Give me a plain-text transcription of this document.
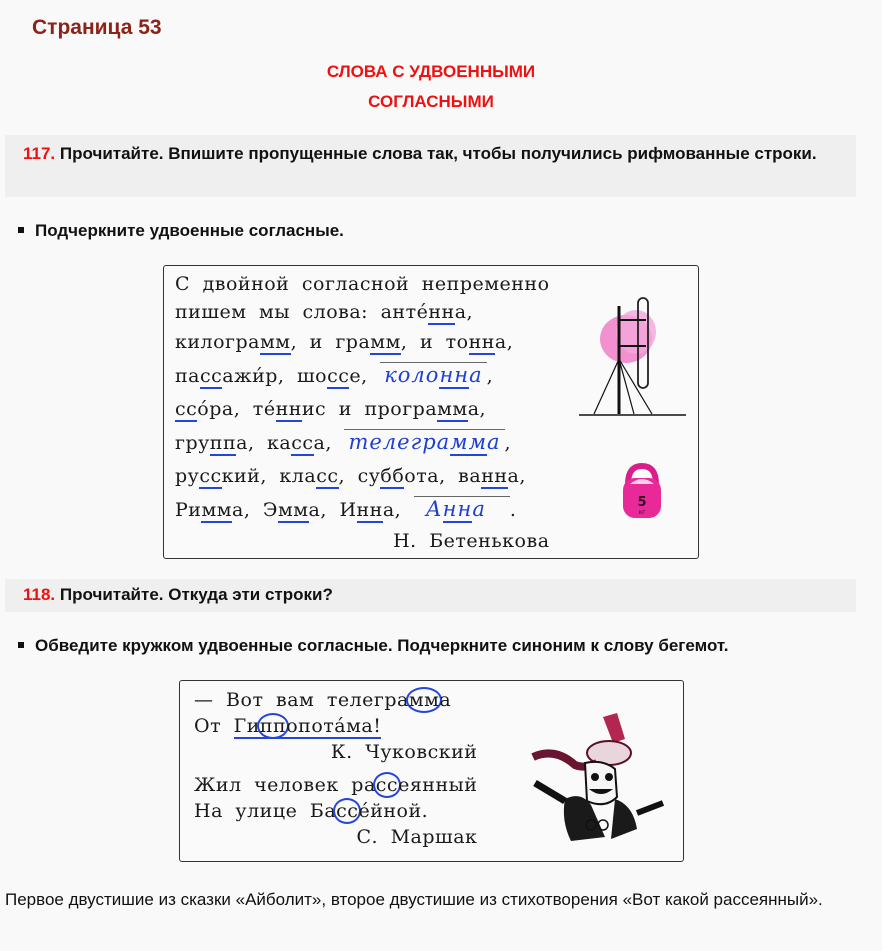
Страница 53
СЛОВА С УДВОЕННЫМИ
СОГЛАСНЫМИ
117. Прочитайте. Впишите пропущенные слова так, чтобы получились рифмованные строки.
Подчеркните удвоенные согласные.
С двойной согласной непременно
пишем мы слова: анте́нна,
килограмм, и грамм, и тонна,
пассажи́р, шоссе, колонна ,
ссóра, те́ннис и программа,
группа, касса, телеграмма ,
русский, класс, суббота, ванна,
Римма, Эмма, Инна, Анна .
Н. Бетенькова
5
кг
118. Прочитайте. Откуда эти строки?
Обведите кружком удвоенные согласные. Подчеркните синоним к слову бегемот.
— Вот вам телеграмма
От Гиппопотáма!
К. Чуковский
Жил человек рассеянный
На улице Бассéйной.
С. Маршак
Первое двустишие из сказки «Айболит», второе двустишие из стихотворения «Вот какой рассеянный».
